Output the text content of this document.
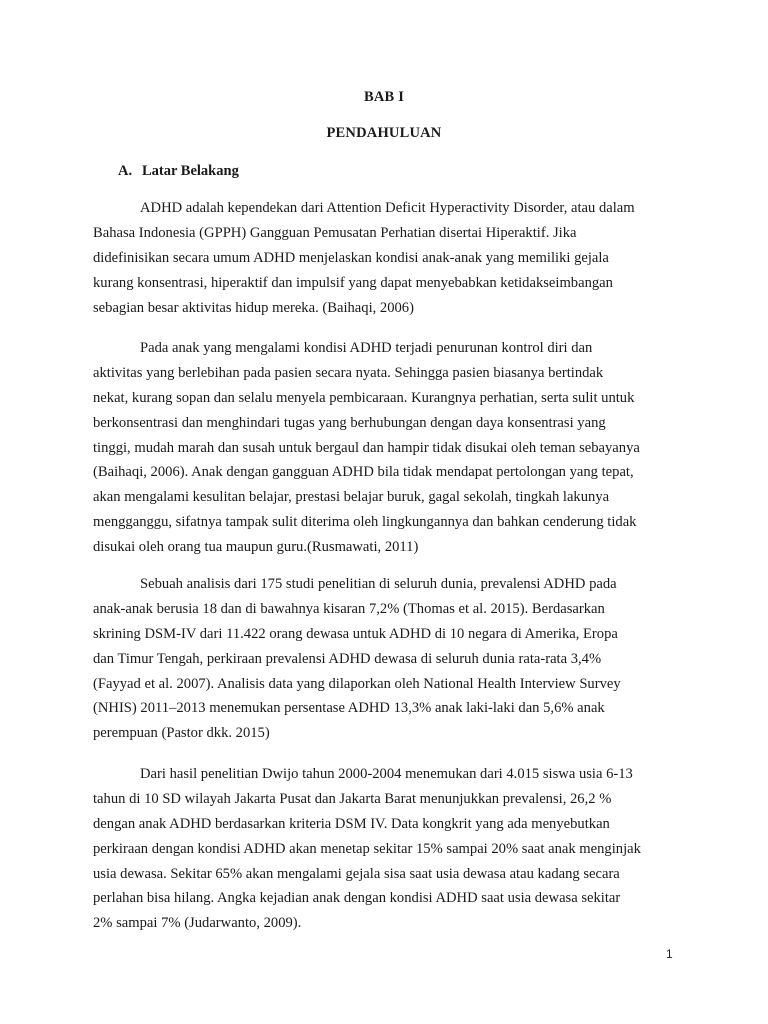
BAB I
PENDAHULUAN
A. Latar Belakang
ADHD adalah kependekan dari Attention Deficit Hyperactivity Disorder, atau dalam
Bahasa Indonesia (GPPH) Gangguan Pemusatan Perhatian disertai Hiperaktif. Jika
didefinisikan secara umum ADHD menjelaskan kondisi anak-anak yang memiliki gejala
kurang konsentrasi, hiperaktif dan impulsif yang dapat menyebabkan ketidakseimbangan
sebagian besar aktivitas hidup mereka. (Baihaqi, 2006)
Pada anak yang mengalami kondisi ADHD terjadi penurunan kontrol diri dan
aktivitas yang berlebihan pada pasien secara nyata. Sehingga pasien biasanya bertindak
nekat, kurang sopan dan selalu menyela pembicaraan. Kurangnya perhatian, serta sulit untuk
berkonsentrasi dan menghindari tugas yang berhubungan dengan daya konsentrasi yang
tinggi, mudah marah dan susah untuk bergaul dan hampir tidak disukai oleh teman sebayanya
(Baihaqi, 2006). Anak dengan gangguan ADHD bila tidak mendapat pertolongan yang tepat,
akan mengalami kesulitan belajar, prestasi belajar buruk, gagal sekolah, tingkah lakunya
mengganggu, sifatnya tampak sulit diterima oleh lingkungannya dan bahkan cenderung tidak
disukai oleh orang tua maupun guru.(Rusmawati, 2011)
Sebuah analisis dari 175 studi penelitian di seluruh dunia, prevalensi ADHD pada
anak-anak berusia 18 dan di bawahnya kisaran 7,2% (Thomas et al. 2015). Berdasarkan
skrining DSM-IV dari 11.422 orang dewasa untuk ADHD di 10 negara di Amerika, Eropa
dan Timur Tengah, perkiraan prevalensi ADHD dewasa di seluruh dunia rata-rata 3,4%
(Fayyad et al. 2007). Analisis data yang dilaporkan oleh National Health Interview Survey
(NHIS) 2011–2013 menemukan persentase ADHD 13,3% anak laki-laki dan 5,6% anak
perempuan (Pastor dkk. 2015)
Dari hasil penelitian Dwijo tahun 2000-2004 menemukan dari 4.015 siswa usia 6-13
tahun di 10 SD wilayah Jakarta Pusat dan Jakarta Barat menunjukkan prevalensi, 26,2 %
dengan anak ADHD berdasarkan kriteria DSM IV. Data kongkrit yang ada menyebutkan
perkiraan dengan kondisi ADHD akan menetap sekitar 15% sampai 20% saat anak menginjak
usia dewasa. Sekitar 65% akan mengalami gejala sisa saat usia dewasa atau kadang secara
perlahan bisa hilang. Angka kejadian anak dengan kondisi ADHD saat usia dewasa sekitar
2% sampai 7% (Judarwanto, 2009).
1
